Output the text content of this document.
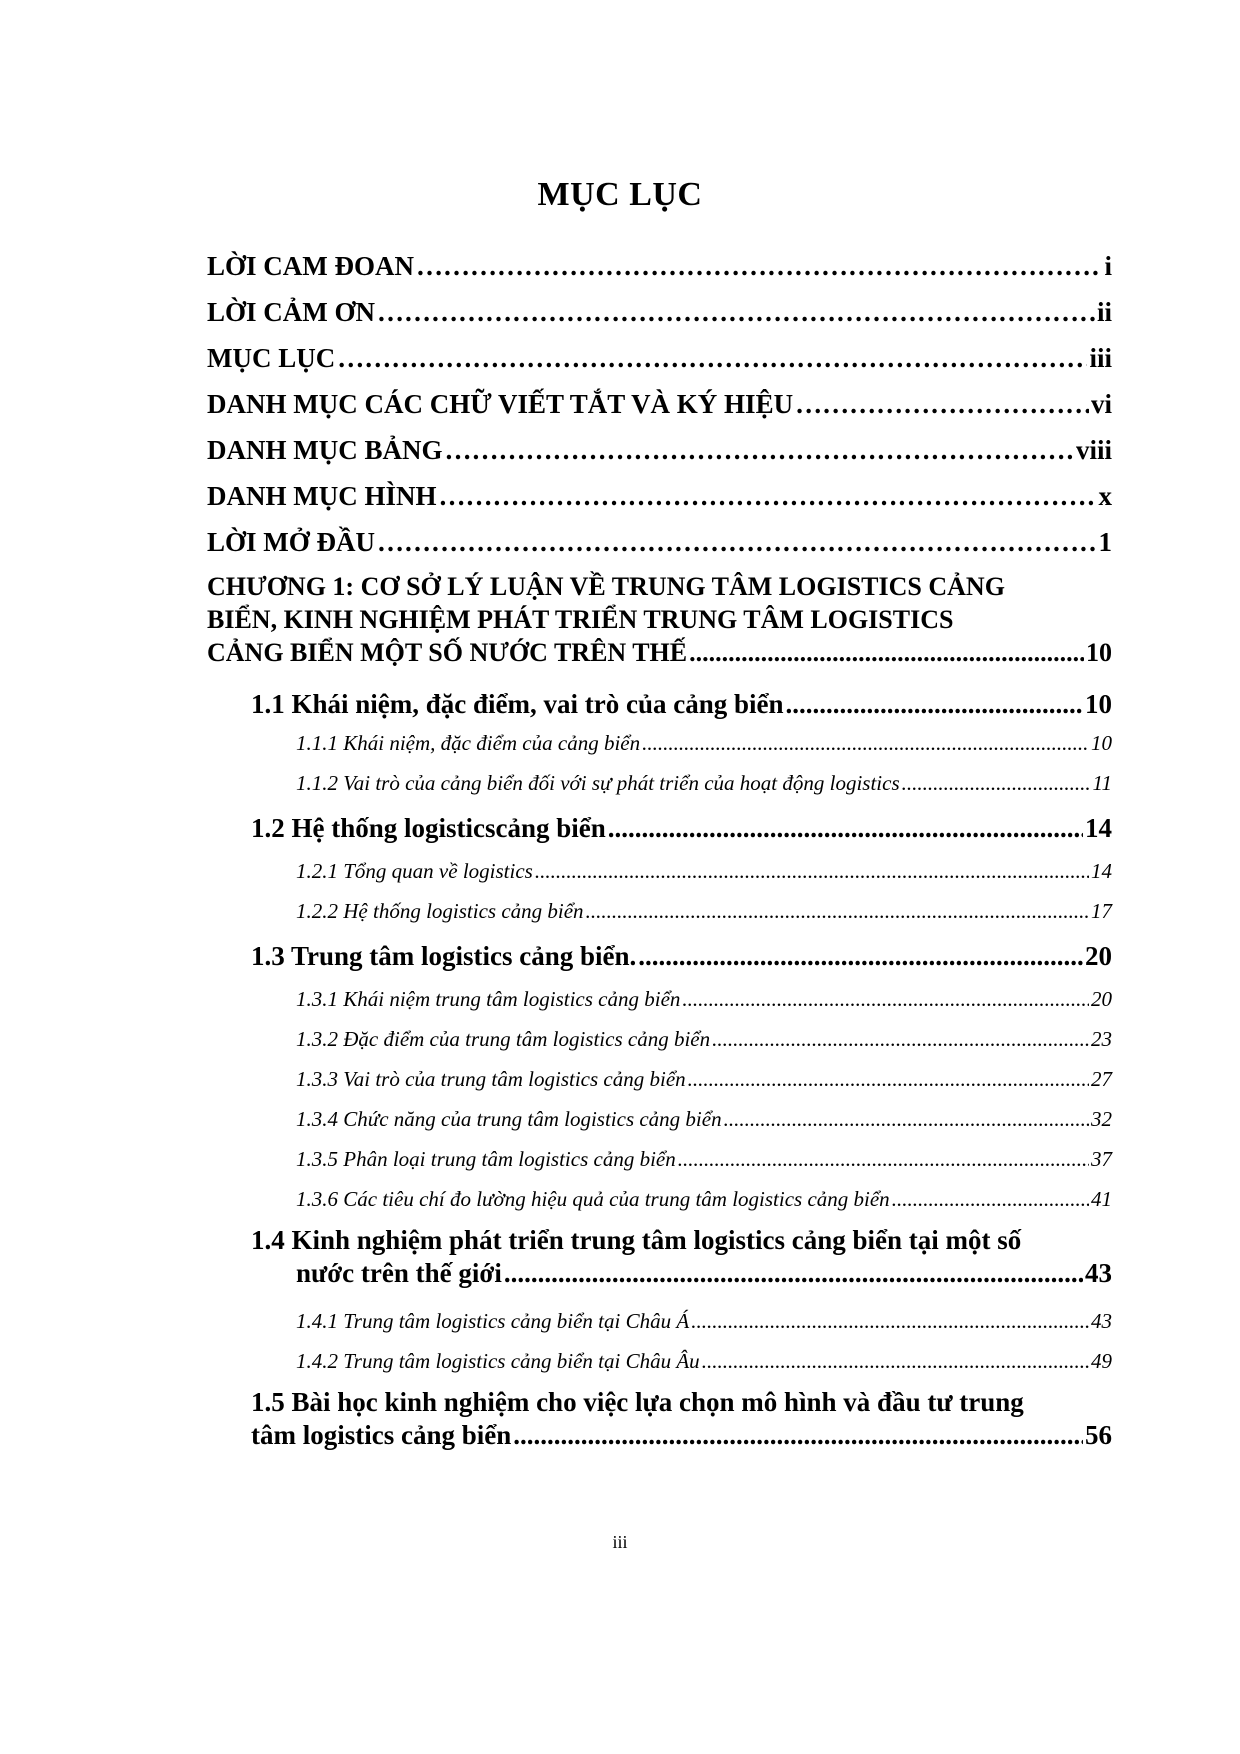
MỤC LỤC
LỜI CAM ĐOAN …………………………………………………………………………………………………………………………………………………………………………………………………………………………………………………………………………	i
LỜI CẢM ƠN …………………………………………………………………………………………………………………………………………………………………………………………………………………………………………………………………………	ii
MỤC LỤC …………………………………………………………………………………………………………………………………………………………………………………………………………………………………………………………………………	iii
DANH MỤC CÁC CHỮ VIẾT TẮT VÀ KÝ HIỆU …………………………………………………………………………………………………………………………………………………………………………………………………………………………………………………………………………	vi
DANH MỤC BẢNG …………………………………………………………………………………………………………………………………………………………………………………………………………………………………………………………………………	viii
DANH MỤC HÌNH …………………………………………………………………………………………………………………………………………………………………………………………………………………………………………………………………………	x
LỜI MỞ ĐẦU …………………………………………………………………………………………………………………………………………………………………………………………………………………………………………………………………………	1
CHƯƠNG 1: CƠ SỞ LÝ LUẬN VỀ TRUNG TÂM LOGISTICS CẢNG
BIỂN, KINH NGHIỆM PHÁT TRIỂN TRUNG TÂM LOGISTICS
CẢNG BIỂN MỘT SỐ NƯỚC TRÊN THẾ .....	10
1.1 Khái niệm, đặc điểm, vai trò của cảng biển .....	10
1.1.1 Khái niệm, đặc điểm của cảng biển .....	10
1.1.2 Vai trò của cảng biển đối với sự phát triển của hoạt động logistics .....	11
1.2 Hệ thống logisticscảng biển .....	14
1.2.1 Tổng quan về logistics .....	14
1.2.2 Hệ thống logistics cảng biển .....	17
1.3 Trung tâm logistics cảng biển. .....	20
1.3.1 Khái niệm trung tâm logistics cảng biển .....	20
1.3.2 Đặc điểm của trung tâm logistics cảng biển .....	23
1.3.3 Vai trò của trung tâm logistics cảng biển .....	27
1.3.4 Chức năng của trung tâm logistics cảng biển .....	32
1.3.5 Phân loại trung tâm logistics cảng biển .....	37
1.3.6 Các tiêu chí đo lường hiệu quả của trung tâm logistics cảng biển .....	41
1.4 Kinh nghiệm phát triển trung tâm logistics cảng biển tại một số
nước trên thế giới .....	43
1.4.1 Trung tâm logistics cảng biển tại Châu Á .....	43
1.4.2 Trung tâm logistics cảng biển tại Châu Âu .....	49
1.5 Bài học kinh nghiệm cho việc lựa chọn mô hình và đầu tư trung
tâm logistics cảng biển .....	56
iii
